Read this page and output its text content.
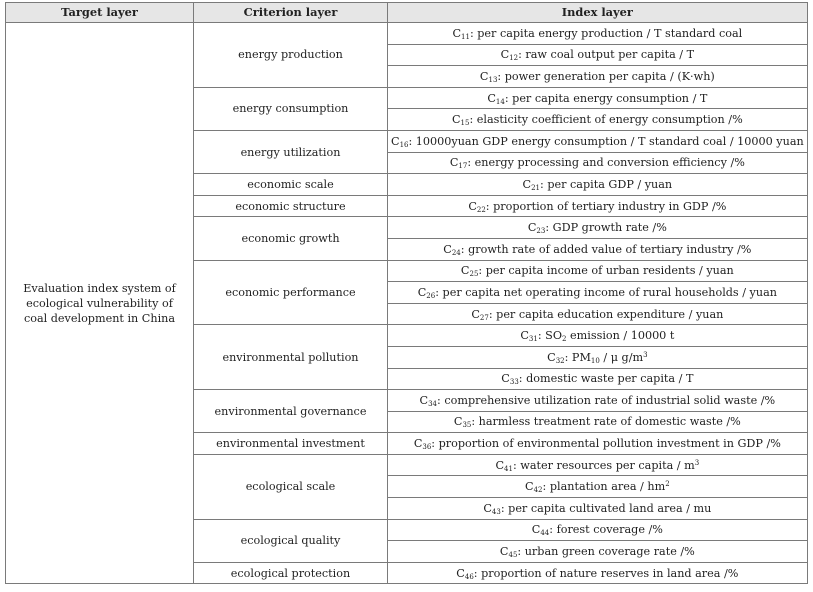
Target layer	Criterion layer	Index layer
Evaluation index system of ecological vulnerability of coal development in China	energy production	$C_{11}$: per capita energy production / T standard coal
		$C_{12}$: raw coal output per capita / T
		$C_{13}$: power generation per capita / (K·wh)
	energy consumption	$C_{14}$: per capita energy consumption / T
		$C_{15}$: elasticity coefficient of energy consumption /%
	energy utilization	$C_{16}$: 10000yuan GDP energy consumption / T standard coal / 10000 yuan
		$C_{17}$: energy processing and conversion efficiency /%
	economic scale	$C_{21}$: per capita GDP / yuan
	economic structure	$C_{22}$: proportion of tertiary industry in GDP /%
	economic growth	$C_{23}$: GDP growth rate /%
		$C_{24}$: growth rate of added value of tertiary industry /%
	economic performance	$C_{25}$: per capita income of urban residents / yuan
		$C_{26}$: per capita net operating income of rural households / yuan
		$C_{27}$: per capita education expenditure / yuan
	environmental pollution	$C_{31}$: $SO_2$ emission / 10000 t
		$C_{32}$: $PM_{10}$ / μ $g/m^3$
		$C_{33}$: domestic waste per capita / T
	environmental governance	$C_{34}$: comprehensive utilization rate of industrial solid waste /%
		$C_{35}$: harmless treatment rate of domestic waste /%
	environmental investment	$C_{36}$: proportion of environmental pollution investment in GDP /%
	ecological scale	$C_{41}$: water resources per capita / $m^3$
		$C_{42}$: plantation area / $hm^2$
		$C_{43}$: per capita cultivated land area / mu
	ecological quality	$C_{44}$: forest coverage /%
		$C_{45}$: urban green coverage rate /%
	ecological protection	$C_{46}$: proportion of nature reserves in land area /%
